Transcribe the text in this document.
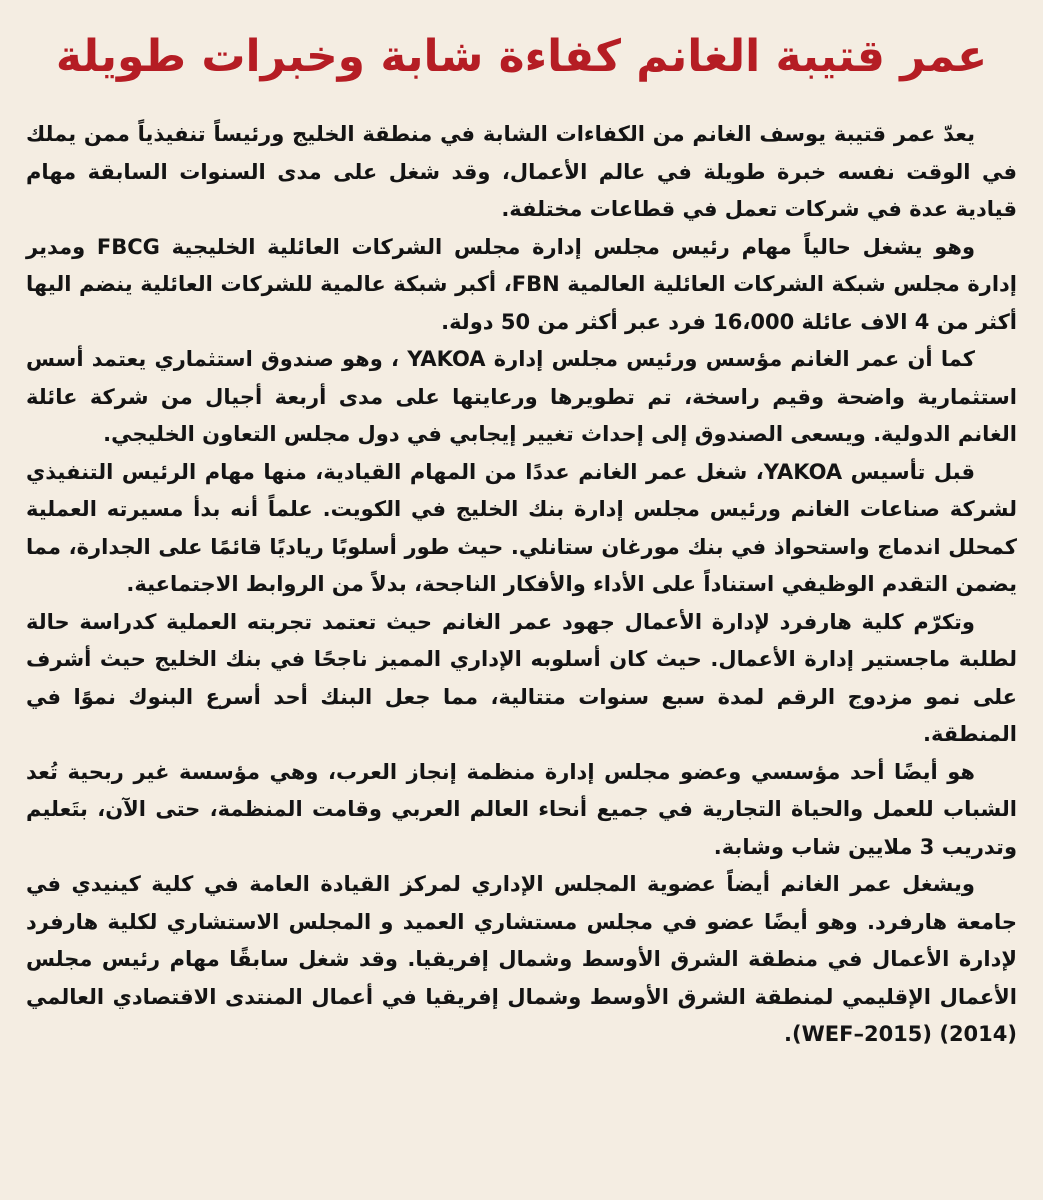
عمر قتيبة الغانم كفاءة شابة وخبرات طويلة

يعدّ عمر قتيبة يوسف الغانم من الكفاءات الشابة في منطقة الخليج ورئيساً تنفيذياً ممن يملك في الوقت نفسه خبرة طويلة في عالم الأعمال، وقد شغل على مدى السنوات السابقة مهام قيادية عدة في شركات تعمل في قطاعات مختلفة.

وهو يشغل حالياً مهام رئيس مجلس إدارة مجلس الشركات العائلية الخليجية FBCG ومدير إدارة مجلس شبكة الشركات العائلية العالمية FBN، أكبر شبكة عالمية للشركات العائلية ينضم اليها أكثر من 4 الاف عائلة 16،000 فرد عبر أكثر من 50 دولة.

كما أن عمر الغانم مؤسس ورئيس مجلس إدارة YAKOA ، وهو صندوق استثماري يعتمد أسس استثمارية واضحة وقيم راسخة، تم تطويرها ورعايتها على مدى أربعة أجيال من شركة عائلة الغانم الدولية. ويسعى الصندوق إلى إحداث تغيير إيجابي في دول مجلس التعاون الخليجي.

قبل تأسيس YAKOA، شغل عمر الغانم عددًا من المهام القيادية، منها مهام الرئيس التنفيذي لشركة صناعات الغانم ورئيس مجلس إدارة بنك الخليج في الكويت. علماً أنه بدأ مسيرته العملية كمحلل اندماج واستحواذ في بنك مورغان ستانلي. حيث طور أسلوبًا رياديًا قائمًا على الجدارة، مما يضمن التقدم الوظيفي استناداً على الأداء والأفكار الناجحة، بدلاً من الروابط الاجتماعية.

وتكرّم كلية هارفرد لإدارة الأعمال جهود عمر الغانم حيث تعتمد تجربته العملية كدراسة حالة لطلبة ماجستير إدارة الأعمال. حيث كان أسلوبه الإداري المميز ناجحًا في بنك الخليج حيث أشرف على نمو مزدوج الرقم لمدة سبع سنوات متتالية، مما جعل البنك أحد أسرع البنوك نموًا في المنطقة.

هو أيضًا أحد مؤسسي وعضو مجلس إدارة منظمة إنجاز العرب، وهي مؤسسة غير ربحية تُعد الشباب للعمل والحياة التجارية في جميع أنحاء العالم العربي وقامت المنظمة، حتى الآن، بتَعليم وتدريب 3 ملايين شاب وشابة.

ويشغل عمر الغانم أيضاً عضوية المجلس الإداري لمركز القيادة العامة في كلية كينيدي في جامعة هارفرد. وهو أيضًا عضو في مجلس مستشاري العميد و المجلس الاستشاري لكلية هارفرد لإدارة الأعمال في منطقة الشرق الأوسط وشمال إفريقيا. وقد شغل سابقًا مهام رئيس مجلس الأعمال الإقليمي لمنطقة الشرق الأوسط وشمال إفريقيا في أعمال المنتدى الاقتصادي العالمي (2014) (WEF–2015).
